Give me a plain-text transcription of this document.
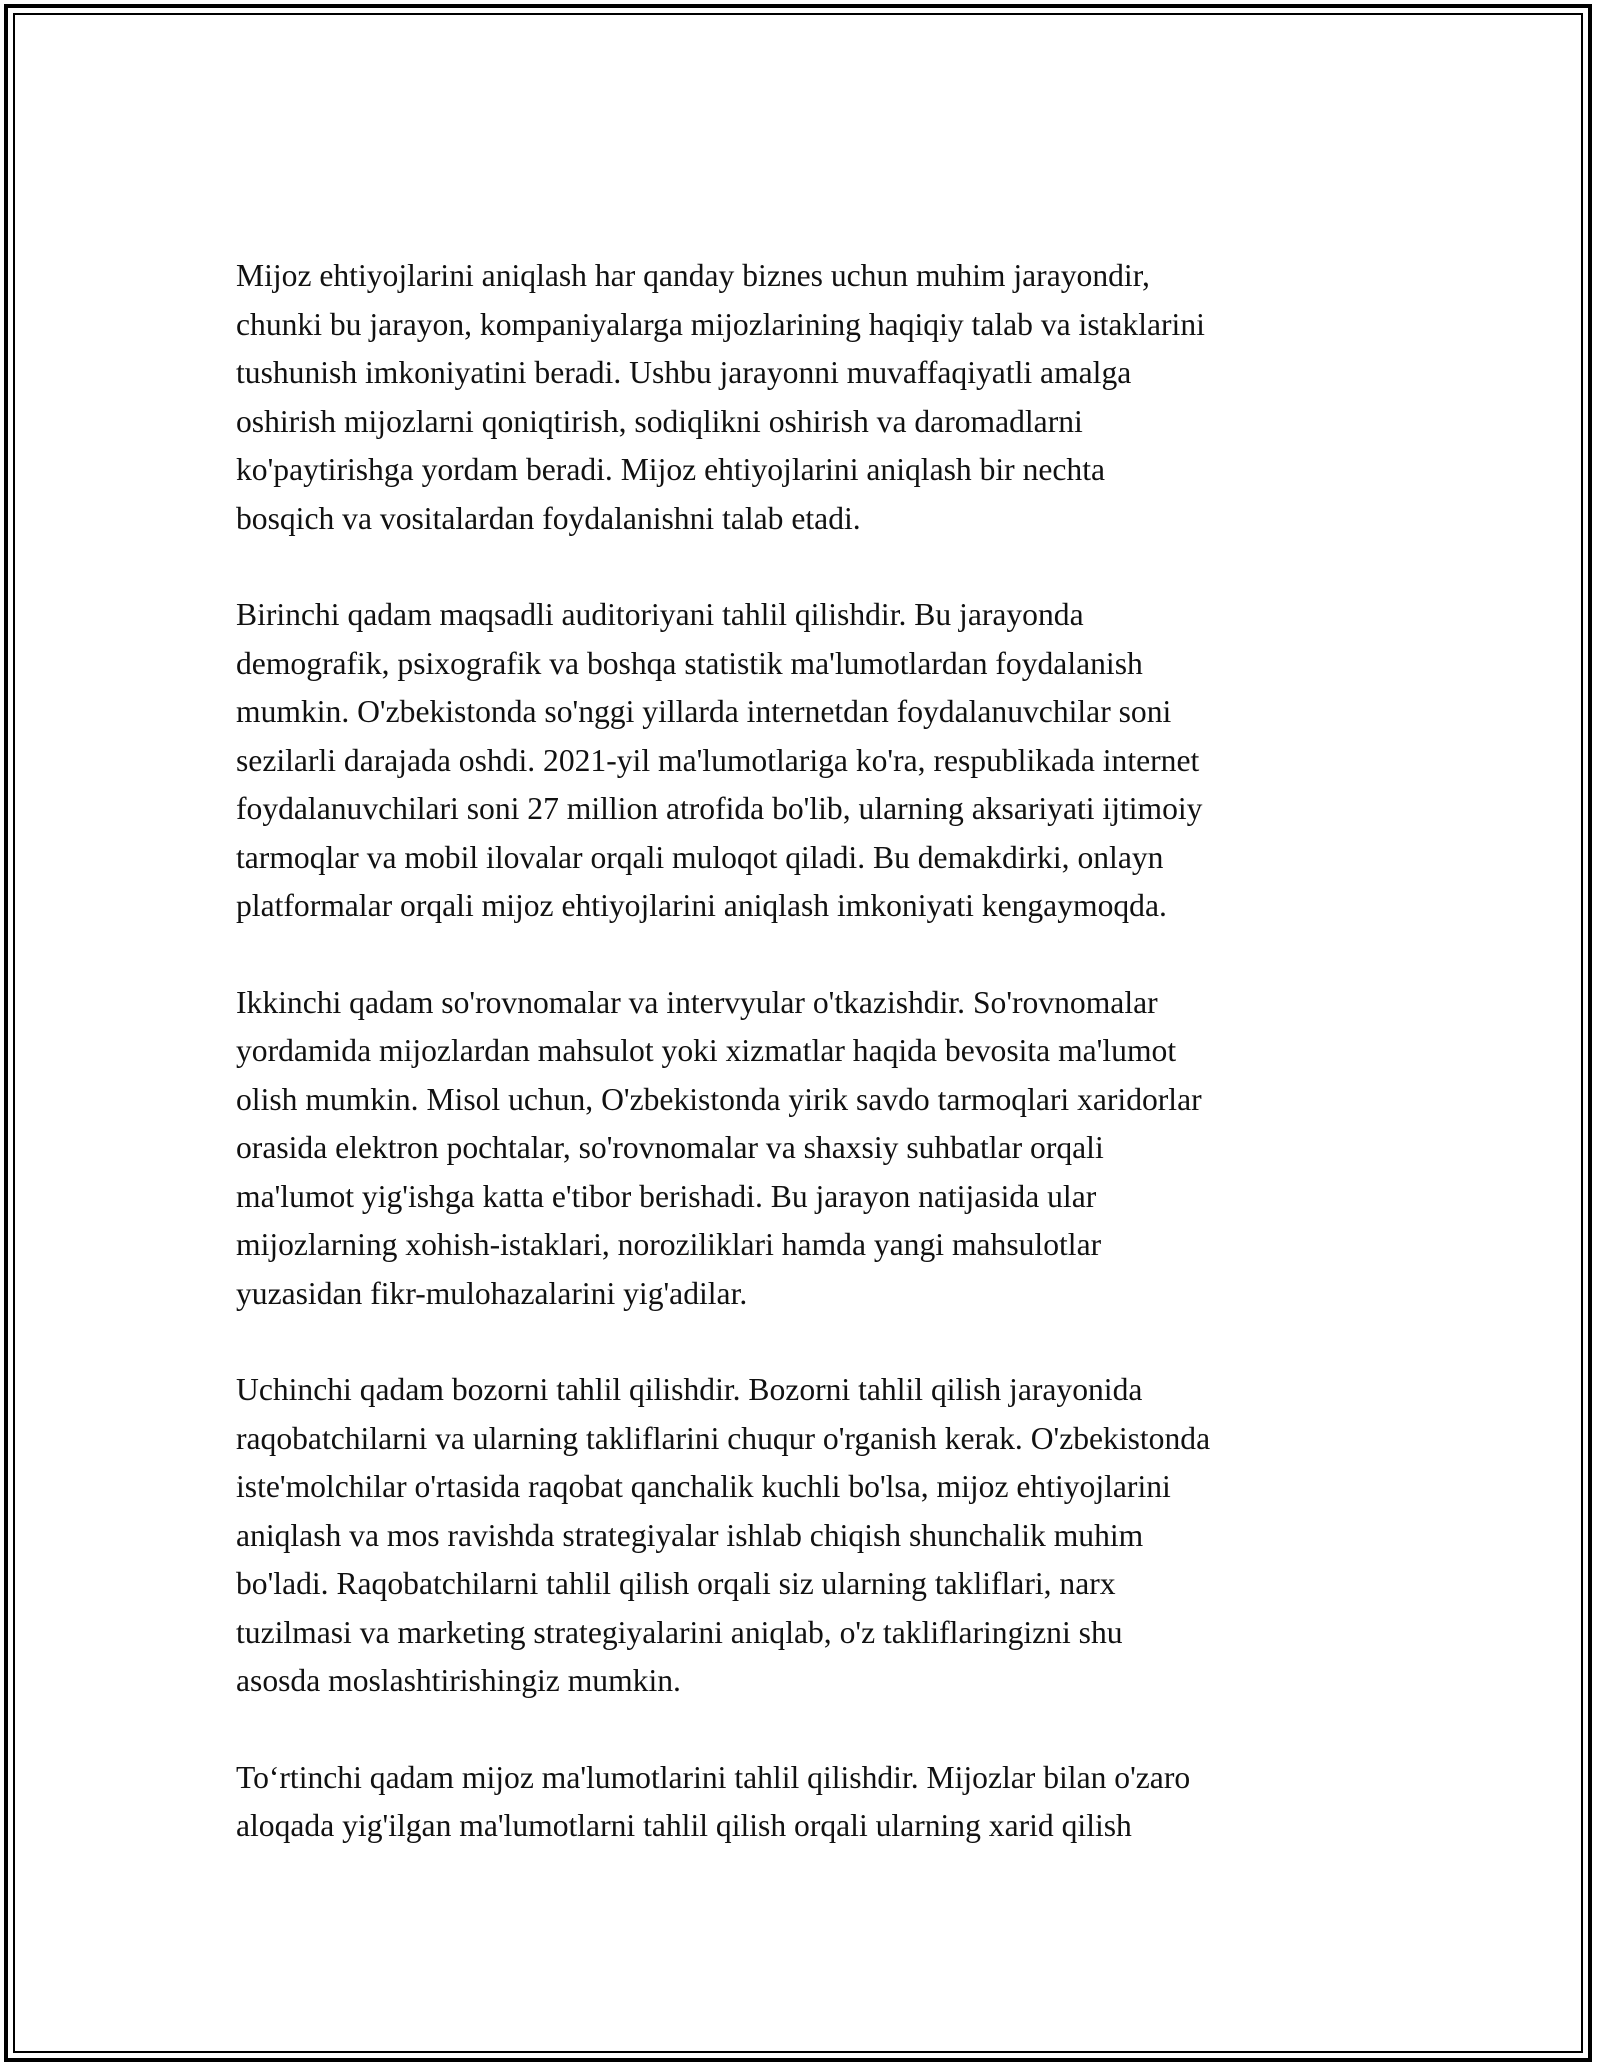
Mijoz ehtiyojlarini aniqlash har qanday biznes uchun muhim jarayondir,
chunki bu jarayon, kompaniyalarga mijozlarining haqiqiy talab va istaklarini
tushunish imkoniyatini beradi. Ushbu jarayonni muvaffaqiyatli amalga
oshirish mijozlarni qoniqtirish, sodiqlikni oshirish va daromadlarni
ko'paytirishga yordam beradi. Mijoz ehtiyojlarini aniqlash bir nechta
bosqich va vositalardan foydalanishni talab etadi.

Birinchi qadam maqsadli auditoriyani tahlil qilishdir. Bu jarayonda
demografik, psixografik va boshqa statistik ma'lumotlardan foydalanish
mumkin. O'zbekistonda so'nggi yillarda internetdan foydalanuvchilar soni
sezilarli darajada oshdi. 2021-yil ma'lumotlariga ko'ra, respublikada internet
foydalanuvchilari soni 27 million atrofida bo'lib, ularning aksariyati ijtimoiy
tarmoqlar va mobil ilovalar orqali muloqot qiladi. Bu demakdirki, onlayn
platformalar orqali mijoz ehtiyojlarini aniqlash imkoniyati kengaymoqda.

Ikkinchi qadam so'rovnomalar va intervyular o'tkazishdir. So'rovnomalar
yordamida mijozlardan mahsulot yoki xizmatlar haqida bevosita ma'lumot
olish mumkin. Misol uchun, O'zbekistonda yirik savdo tarmoqlari xaridorlar
orasida elektron pochtalar, so'rovnomalar va shaxsiy suhbatlar orqali
ma'lumot yig'ishga katta e'tibor berishadi. Bu jarayon natijasida ular
mijozlarning xohish-istaklari, noroziliklari hamda yangi mahsulotlar
yuzasidan fikr-mulohazalarini yig'adilar.

Uchinchi qadam bozorni tahlil qilishdir. Bozorni tahlil qilish jarayonida
raqobatchilarni va ularning takliflarini chuqur o'rganish kerak. O'zbekistonda
iste'molchilar o'rtasida raqobat qanchalik kuchli bo'lsa, mijoz ehtiyojlarini
aniqlash va mos ravishda strategiyalar ishlab chiqish shunchalik muhim
bo'ladi. Raqobatchilarni tahlil qilish orqali siz ularning takliflari, narx
tuzilmasi va marketing strategiyalarini aniqlab, o'z takliflaringizni shu
asosda moslashtirishingiz mumkin.

To‘rtinchi qadam mijoz ma'lumotlarini tahlil qilishdir. Mijozlar bilan o'zaro
aloqada yig'ilgan ma'lumotlarni tahlil qilish orqali ularning xarid qilish
